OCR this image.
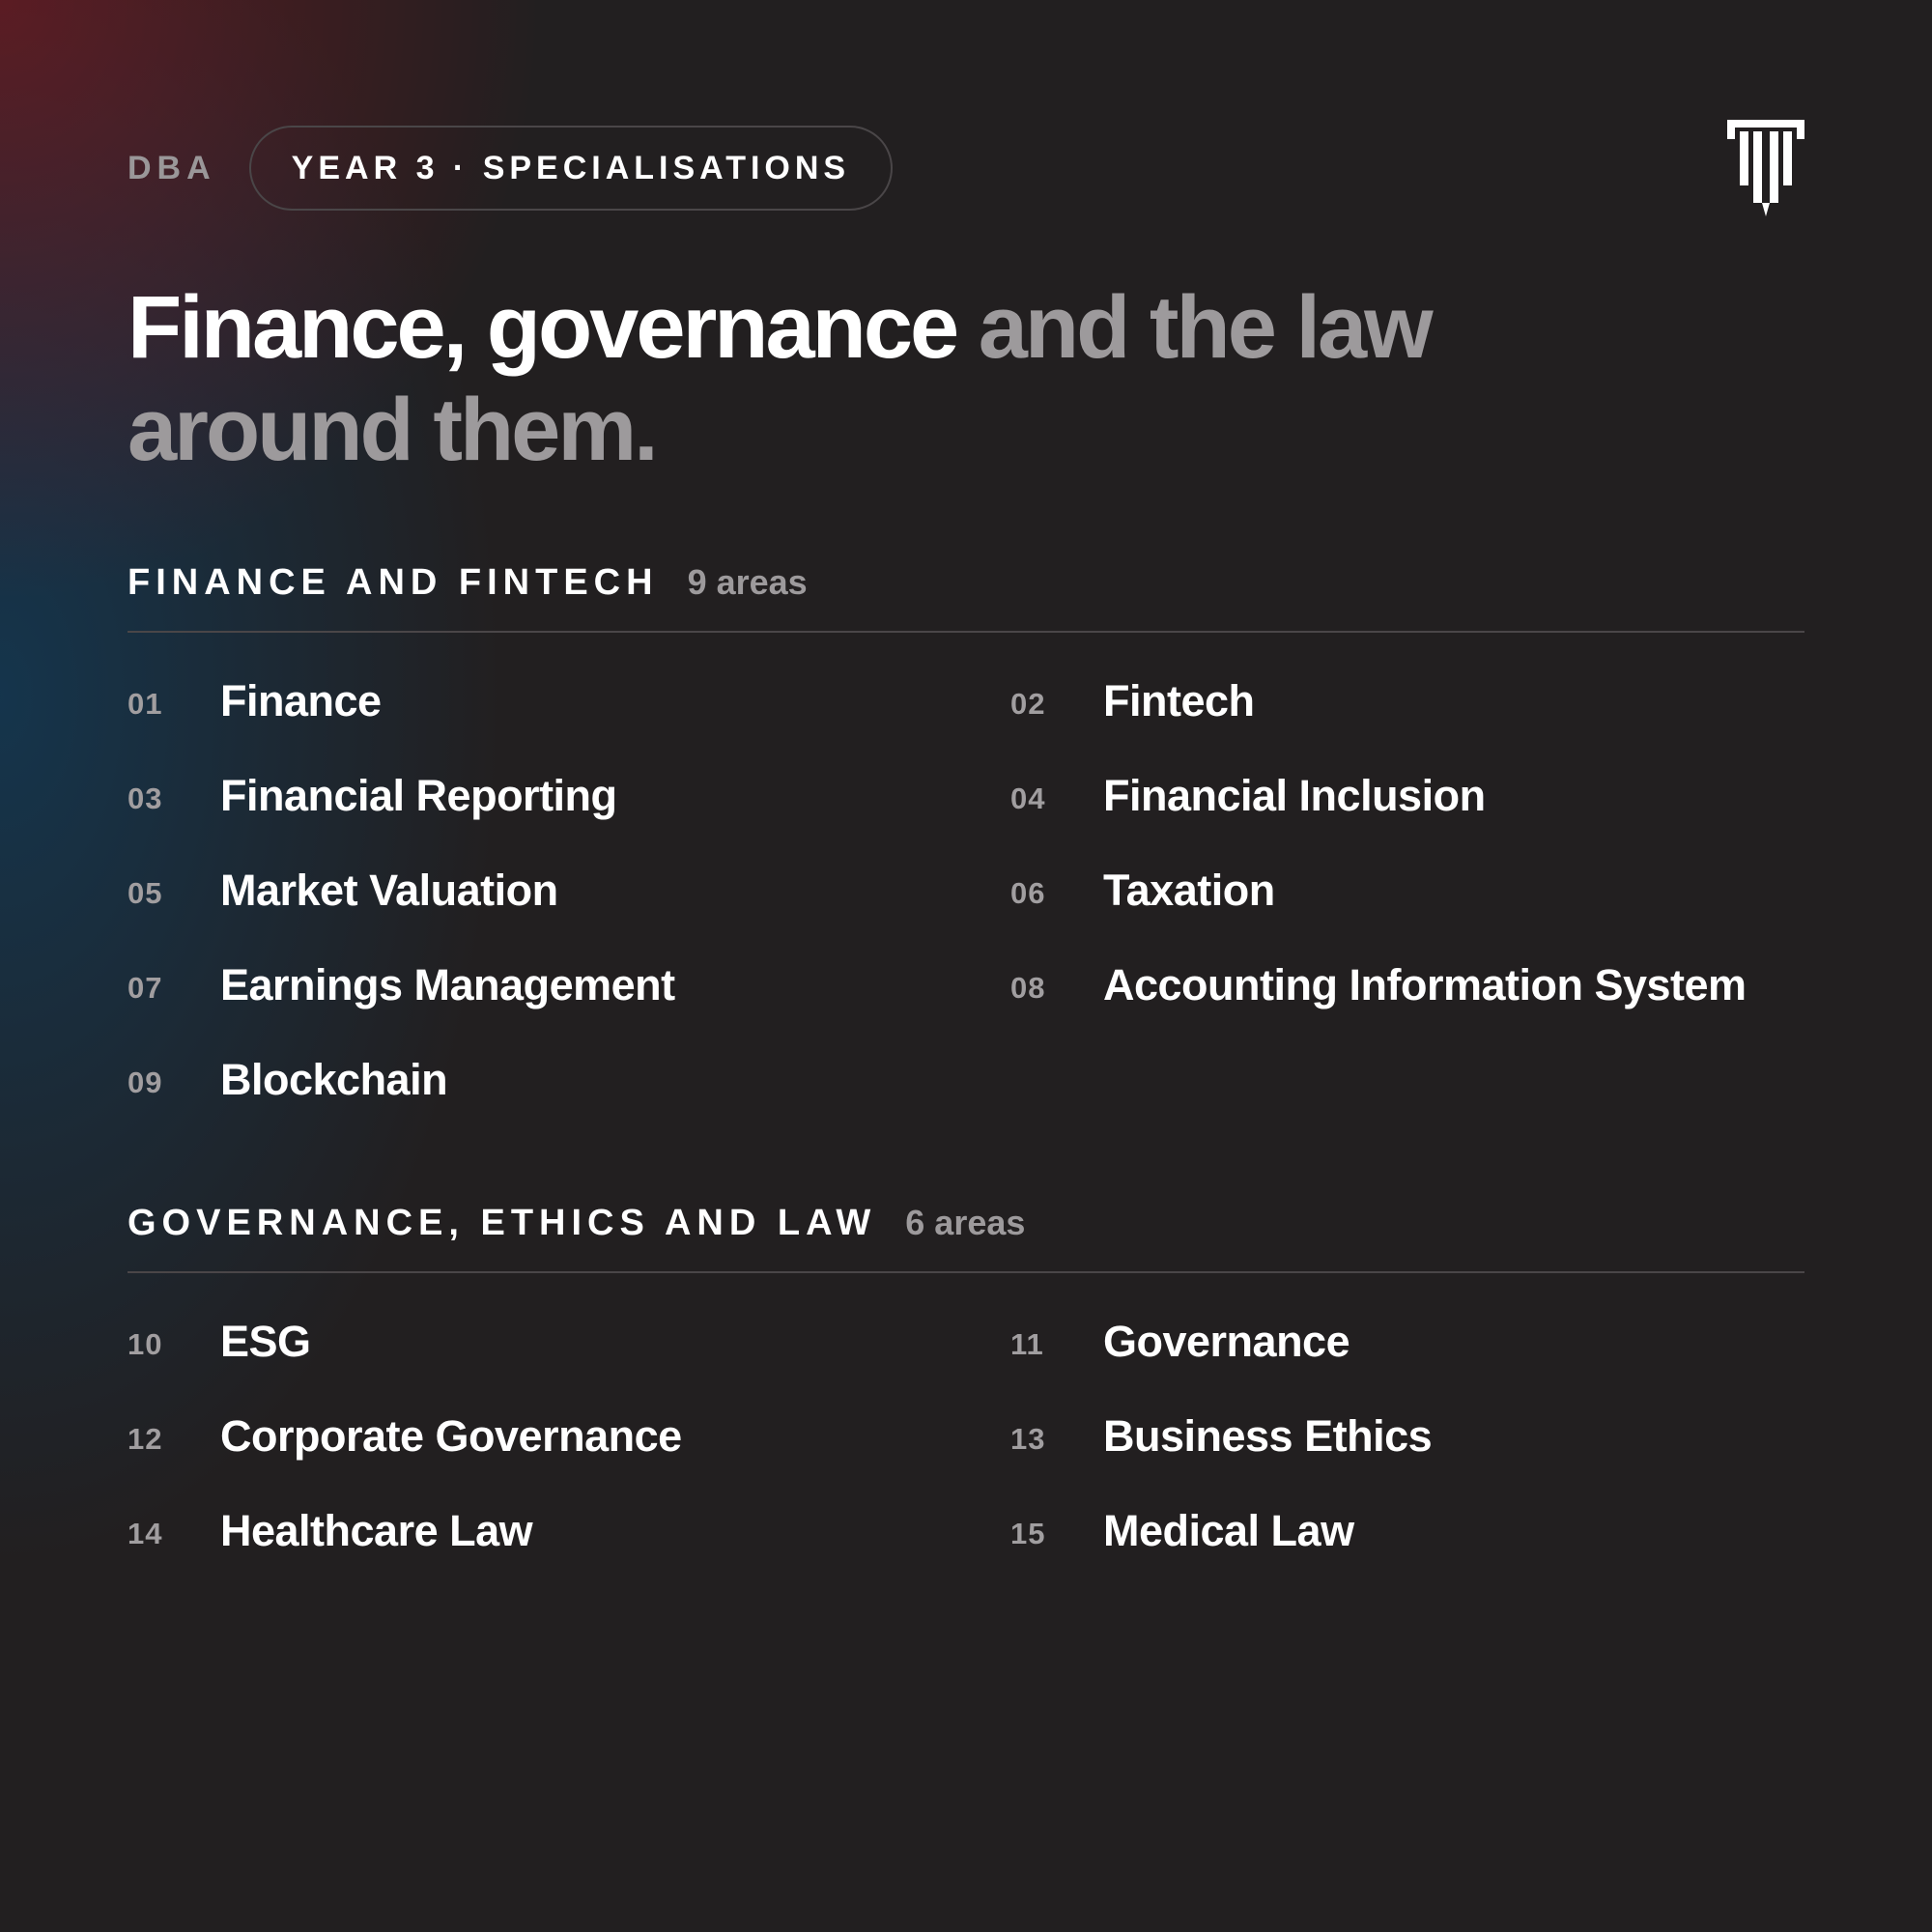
DBA	YEAR 3 · SPECIALISATIONS
Finance, governance and the law around them.
FINANCE AND FINTECH 9 areas
01	Finance	02	Fintech
03	Financial Reporting	04	Financial Inclusion
05	Market Valuation	06	Taxation
07	Earnings Management	08	Accounting Information System
09	Blockchain
GOVERNANCE, ETHICS AND LAW 6 areas
10	ESG	11	Governance
12	Corporate Governance	13	Business Ethics
14	Healthcare Law	15	Medical Law
